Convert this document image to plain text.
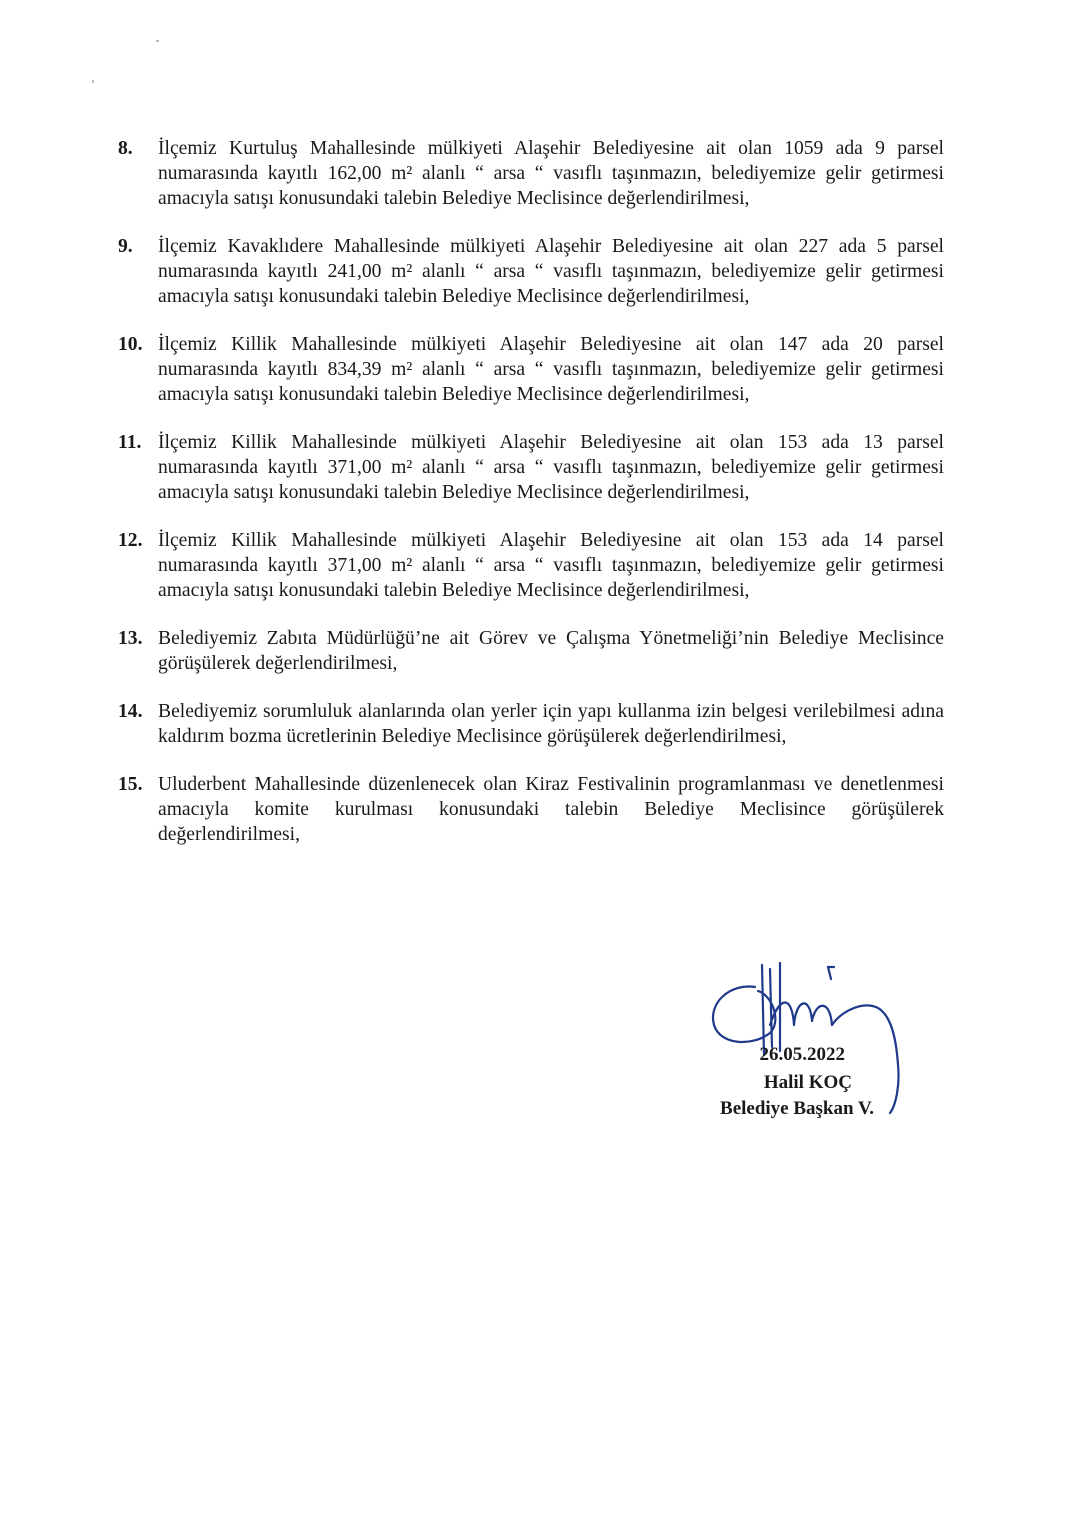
8.	İlçemiz Kurtuluş Mahallesinde mülkiyeti Alaşehir Belediyesine ait olan 1059 ada 9 parsel numarasında kayıtlı 162,00 m² alanlı “ arsa “ vasıflı taşınmazın, belediyemize gelir getirmesi amacıyla satışı konusundaki talebin Belediye Meclisince değerlendirilmesi,
9.	İlçemiz Kavaklıdere Mahallesinde mülkiyeti Alaşehir Belediyesine ait olan 227 ada 5 parsel numarasında kayıtlı 241,00 m² alanlı “ arsa “ vasıflı taşınmazın, belediyemize gelir getirmesi amacıyla satışı konusundaki talebin Belediye Meclisince değerlendirilmesi,
10. İlçemiz Killik Mahallesinde mülkiyeti Alaşehir Belediyesine ait olan 147 ada 20 parsel numarasında kayıtlı 834,39 m² alanlı “ arsa “ vasıflı taşınmazın, belediyemize gelir getirmesi amacıyla satışı konusundaki talebin Belediye Meclisince değerlendirilmesi,
11. İlçemiz Killik Mahallesinde mülkiyeti Alaşehir Belediyesine ait olan 153 ada 13 parsel numarasında kayıtlı 371,00 m² alanlı “ arsa “ vasıflı taşınmazın, belediyemize gelir getirmesi amacıyla satışı konusundaki talebin Belediye Meclisince değerlendirilmesi,
12. İlçemiz Killik Mahallesinde mülkiyeti Alaşehir Belediyesine ait olan 153 ada 14 parsel numarasında kayıtlı 371,00 m² alanlı “ arsa “ vasıflı taşınmazın, belediyemize gelir getirmesi amacıyla satışı konusundaki talebin Belediye Meclisince değerlendirilmesi,
13. Belediyemiz Zabıta Müdürlüğü’ne ait Görev ve Çalışma Yönetmeliği’nin Belediye Meclisince görüşülerek değerlendirilmesi,
14. Belediyemiz sorumluluk alanlarında olan yerler için yapı kullanma izin belgesi verilebilmesi adına kaldırım bozma ücretlerinin Belediye Meclisince görüşülerek değerlendirilmesi,
15. Uluderbent Mahallesinde düzenlenecek olan Kiraz Festivalinin programlanması ve denetlenmesi amacıyla komite kurulması konusundaki talebin Belediye Meclisince görüşülerek değerlendirilmesi,
26.05.2022
Halil KOÇ
Belediye Başkan V.
